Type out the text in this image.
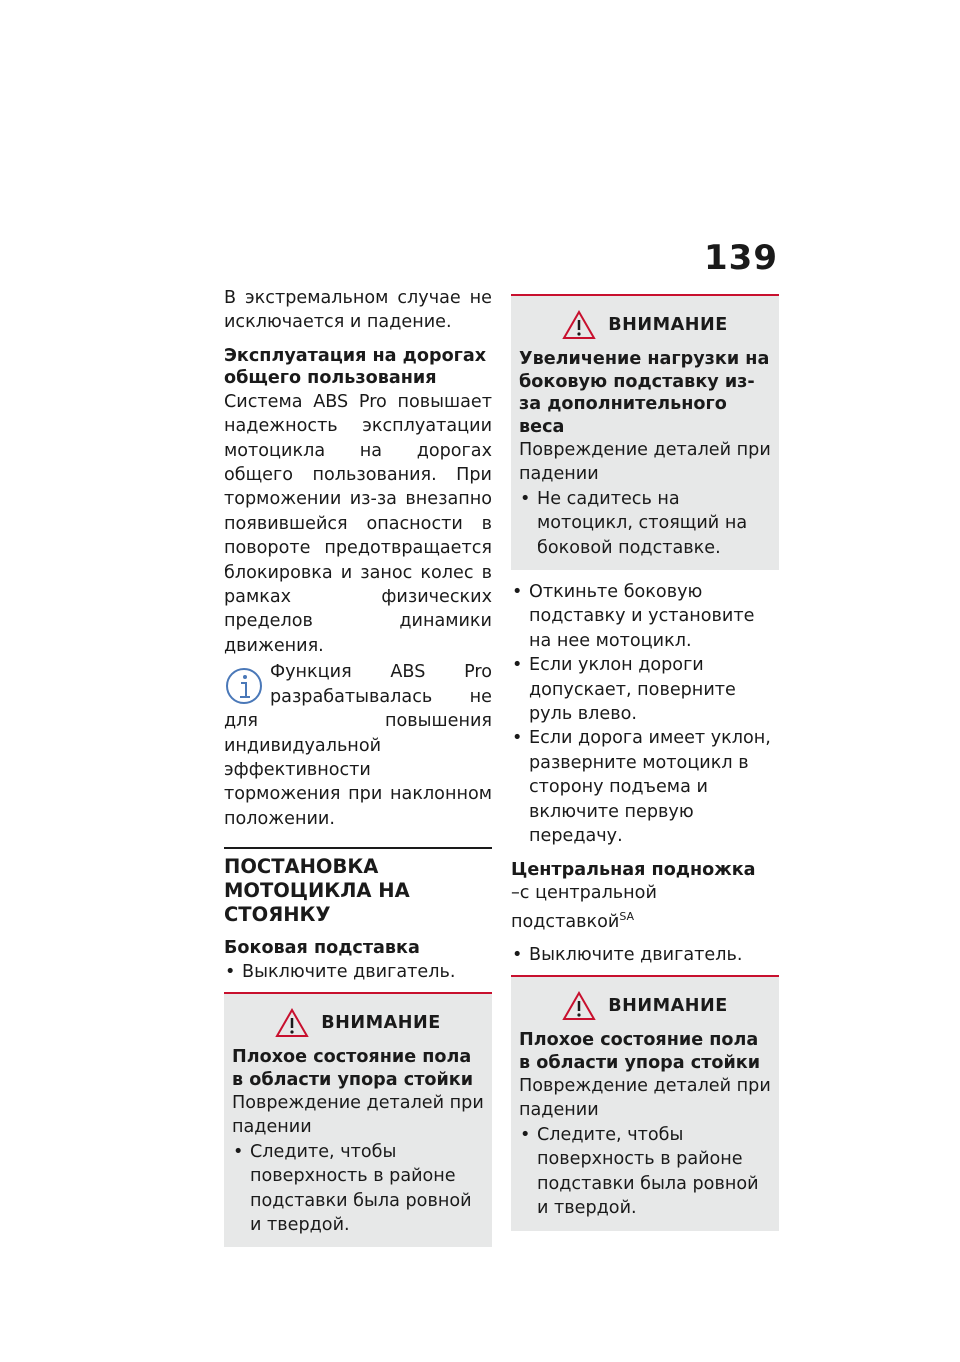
139

В экстремальном случае не исключается и падение.

Эксплуатация на дорогах общего пользования

Система ABS Pro повышает надежность эксплуатации мотоцикла на дорогах общего пользования. При торможении из-за внезапно появившейся опасности в повороте предотвращается блокировка и занос колес в рамках физических пределов динамики движения.

Функция ABS Pro разрабатывалась не для повышения индивидуальной эффективности торможения при наклонном положении.
ПОСТАНОВКА МОТОЦИКЛА НА СТОЯНКУ

Боковая подставка

• Выключите двигатель.
ВНИМАНИЕ

Плохое состояние пола в области упора стойки

Повреждение деталей при падении

• Следите, чтобы поверхность в районе подставки была ровной и твердой.
ВНИМАНИЕ

Увеличение нагрузки на боковую подставку из-за дополнительного веса

Повреждение деталей при падении

• Не садитесь на мотоцикл, стоящий на боковой подставке.
• Откиньте боковую подставку и установите на нее мотоцикл.
• Если уклон дороги допускает, поверните руль влево.
• Если дорога имеет уклон, разверните мотоцикл в сторону подъема и включите первую передачу.

Центральная подножка

–с центральной подставкой$^{SA}$

• Выключите двигатель.
ВНИМАНИЕ

Плохое состояние пола в области упора стойки

Повреждение деталей при падении

• Следите, чтобы поверхность в районе подставки была ровной и твердой.
